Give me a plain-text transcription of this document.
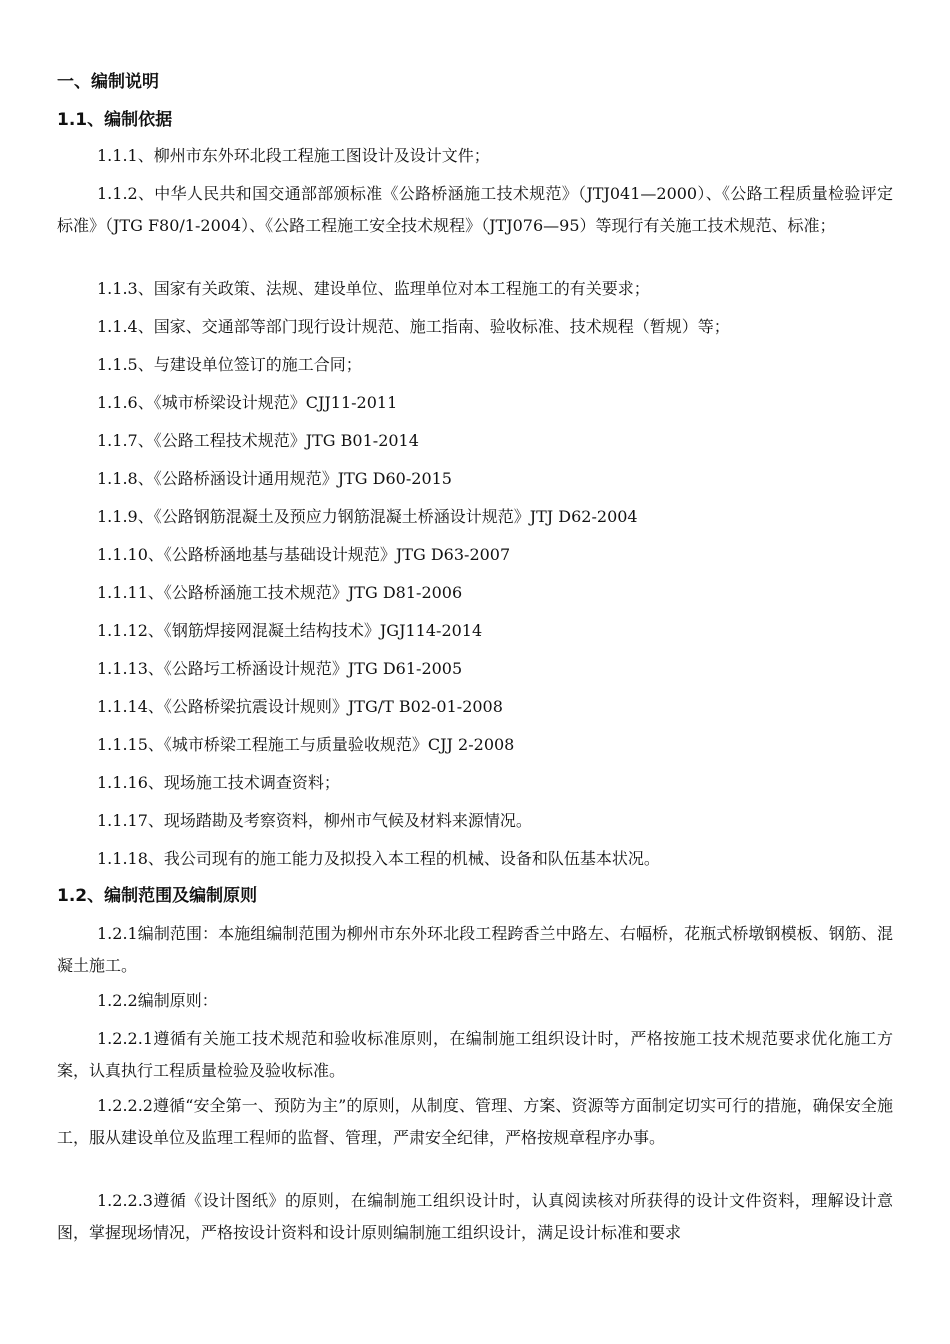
一、编制说明
1.1、编制依据
1.1.1、柳州市东外环北段工程施工图设计及设计文件；
1.1.2、中华人民共和国交通部部颁标准《公路桥涵施工技术规范》（JTJ041—2000）、《公路工程质量检验评定标准》（JTG F80/1-2004）、《公路工程施工安全技术规程》（JTJ076—95）等现行有关施工技术规范、标准；
1.1.3、国家有关政策、法规、建设单位、监理单位对本工程施工的有关要求；
1.1.4、国家、交通部等部门现行设计规范、施工指南、验收标准、技术规程（暂规）等；
1.1.5、与建设单位签订的施工合同；
1.1.6、《城市桥梁设计规范》CJJ11-2011
1.1.7、《公路工程技术规范》JTG B01-2014
1.1.8、《公路桥涵设计通用规范》JTG D60-2015
1.1.9、《公路钢筋混凝土及预应力钢筋混凝土桥涵设计规范》JTJ D62-2004
1.1.10、《公路桥涵地基与基础设计规范》JTG D63-2007
1.1.11、《公路桥涵施工技术规范》JTG D81-2006
1.1.12、《钢筋焊接网混凝土结构技术》JGJ114-2014
1.1.13、《公路圬工桥涵设计规范》JTG D61-2005
1.1.14、《公路桥梁抗震设计规则》JTG/T B02-01-2008
1.1.15、《城市桥梁工程施工与质量验收规范》CJJ 2-2008
1.1.16、现场施工技术调查资料；
1.1.17、现场踏勘及考察资料，柳州市气候及材料来源情况。
1.1.18、我公司现有的施工能力及拟投入本工程的机械、设备和队伍基本状况。
1.2、编制范围及编制原则
1.2.1编制范围：本施组编制范围为柳州市东外环北段工程跨香兰中路左、右幅桥，花瓶式桥墩钢模板、钢筋、混凝土施工。
1.2.2编制原则：
1.2.2.1遵循有关施工技术规范和验收标准原则，在编制施工组织设计时，严格按施工技术规范要求优化施工方案，认真执行工程质量检验及验收标准。
1.2.2.2遵循“安全第一、预防为主”的原则，从制度、管理、方案、资源等方面制定切实可行的措施，确保安全施工，服从建设单位及监理工程师的监督、管理，严肃安全纪律，严格按规章程序办事。
1.2.2.3遵循《设计图纸》的原则，在编制施工组织设计时，认真阅读核对所获得的设计文件资料，理解设计意图，掌握现场情况，严格按设计资料和设计原则编制施工组织设计，满足设计标准和要求
